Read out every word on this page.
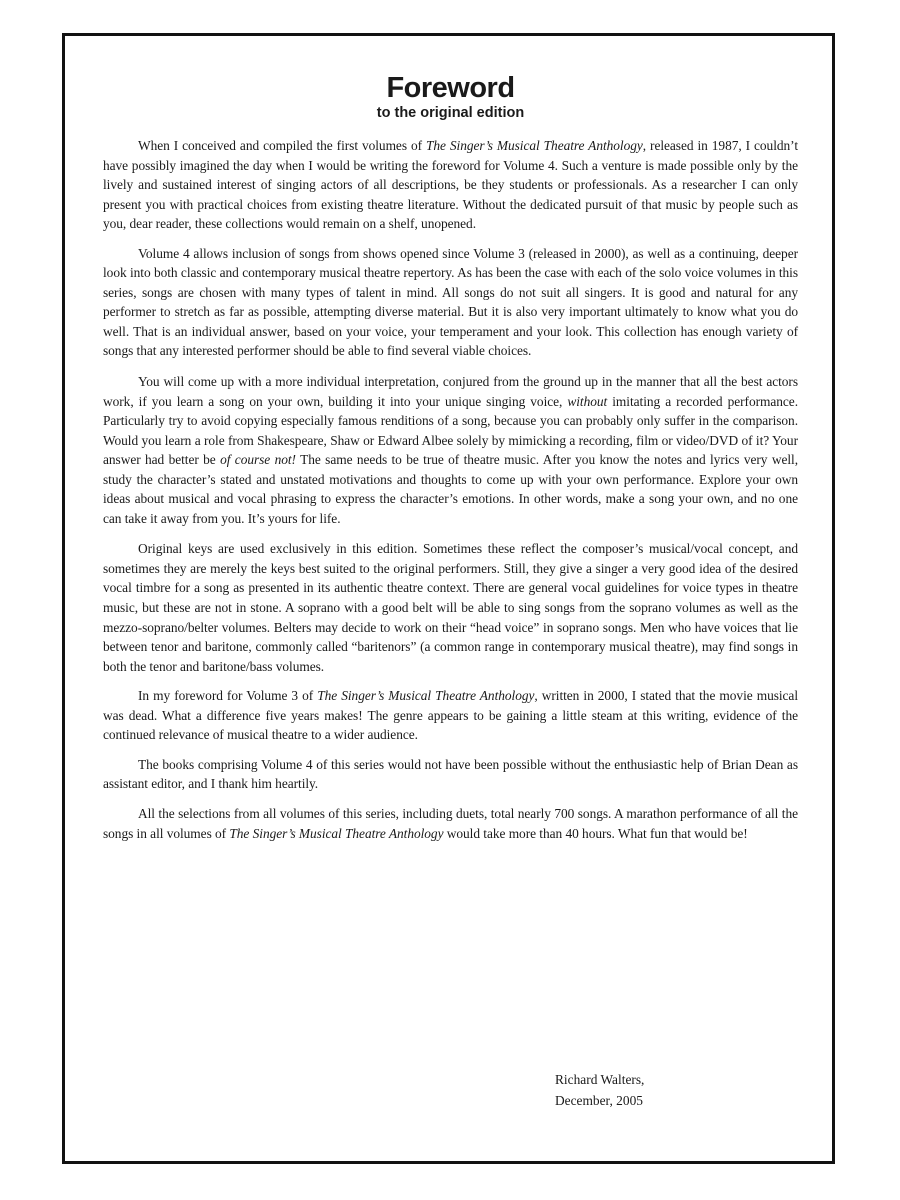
Foreword
to the original edition

When I conceived and compiled the first volumes of The Singer’s Musical Theatre Anthology, released in 1987, I couldn’t have possibly imagined the day when I would be writing the foreword for Volume 4. Such a venture is made possible only by the lively and sustained interest of singing actors of all descriptions, be they students or professionals. As a researcher I can only present you with practical choices from existing theatre literature. Without the dedicated pursuit of that music by people such as you, dear reader, these collections would remain on a shelf, unopened.

Volume 4 allows inclusion of songs from shows opened since Volume 3 (released in 2000), as well as a continuing, deeper look into both classic and contemporary musical theatre repertory. As has been the case with each of the solo voice volumes in this series, songs are chosen with many types of talent in mind. All songs do not suit all singers. It is good and natural for any performer to stretch as far as possible, attempting diverse material. But it is also very important ultimately to know what you do well. That is an individual answer, based on your voice, your temperament and your look. This collection has enough variety of songs that any interested performer should be able to find several viable choices.

You will come up with a more individual interpretation, conjured from the ground up in the manner that all the best actors work, if you learn a song on your own, building it into your unique singing voice, without imitating a recorded performance. Particularly try to avoid copying especially famous renditions of a song, because you can probably only suffer in the comparison. Would you learn a role from Shakespeare, Shaw or Edward Albee solely by mimicking a recording, film or video/DVD of it? Your answer had better be of course not! The same needs to be true of theatre music. After you know the notes and lyrics very well, study the character’s stated and unstated motivations and thoughts to come up with your own performance. Explore your own ideas about musical and vocal phrasing to express the character’s emotions. In other words, make a song your own, and no one can take it away from you. It’s yours for life.

Original keys are used exclusively in this edition. Sometimes these reflect the composer’s musical/vocal concept, and sometimes they are merely the keys best suited to the original performers. Still, they give a singer a very good idea of the desired vocal timbre for a song as presented in its authentic theatre context. There are general vocal guidelines for voice types in theatre music, but these are not in stone. A soprano with a good belt will be able to sing songs from the soprano volumes as well as the mezzo-soprano/belter volumes. Belters may decide to work on their “head voice” in soprano songs. Men who have voices that lie between tenor and baritone, commonly called “baritenors” (a common range in contemporary musical theatre), may find songs in both the tenor and baritone/bass volumes.

In my foreword for Volume 3 of The Singer’s Musical Theatre Anthology, written in 2000, I stated that the movie musical was dead. What a difference five years makes! The genre appears to be gaining a little steam at this writing, evidence of the continued relevance of musical theatre to a wider audience.

The books comprising Volume 4 of this series would not have been possible without the enthusiastic help of Brian Dean as assistant editor, and I thank him heartily.

All the selections from all volumes of this series, including duets, total nearly 700 songs. A marathon performance of all the songs in all volumes of The Singer’s Musical Theatre Anthology would take more than 40 hours. What fun that would be!

Richard Walters,
December, 2005
